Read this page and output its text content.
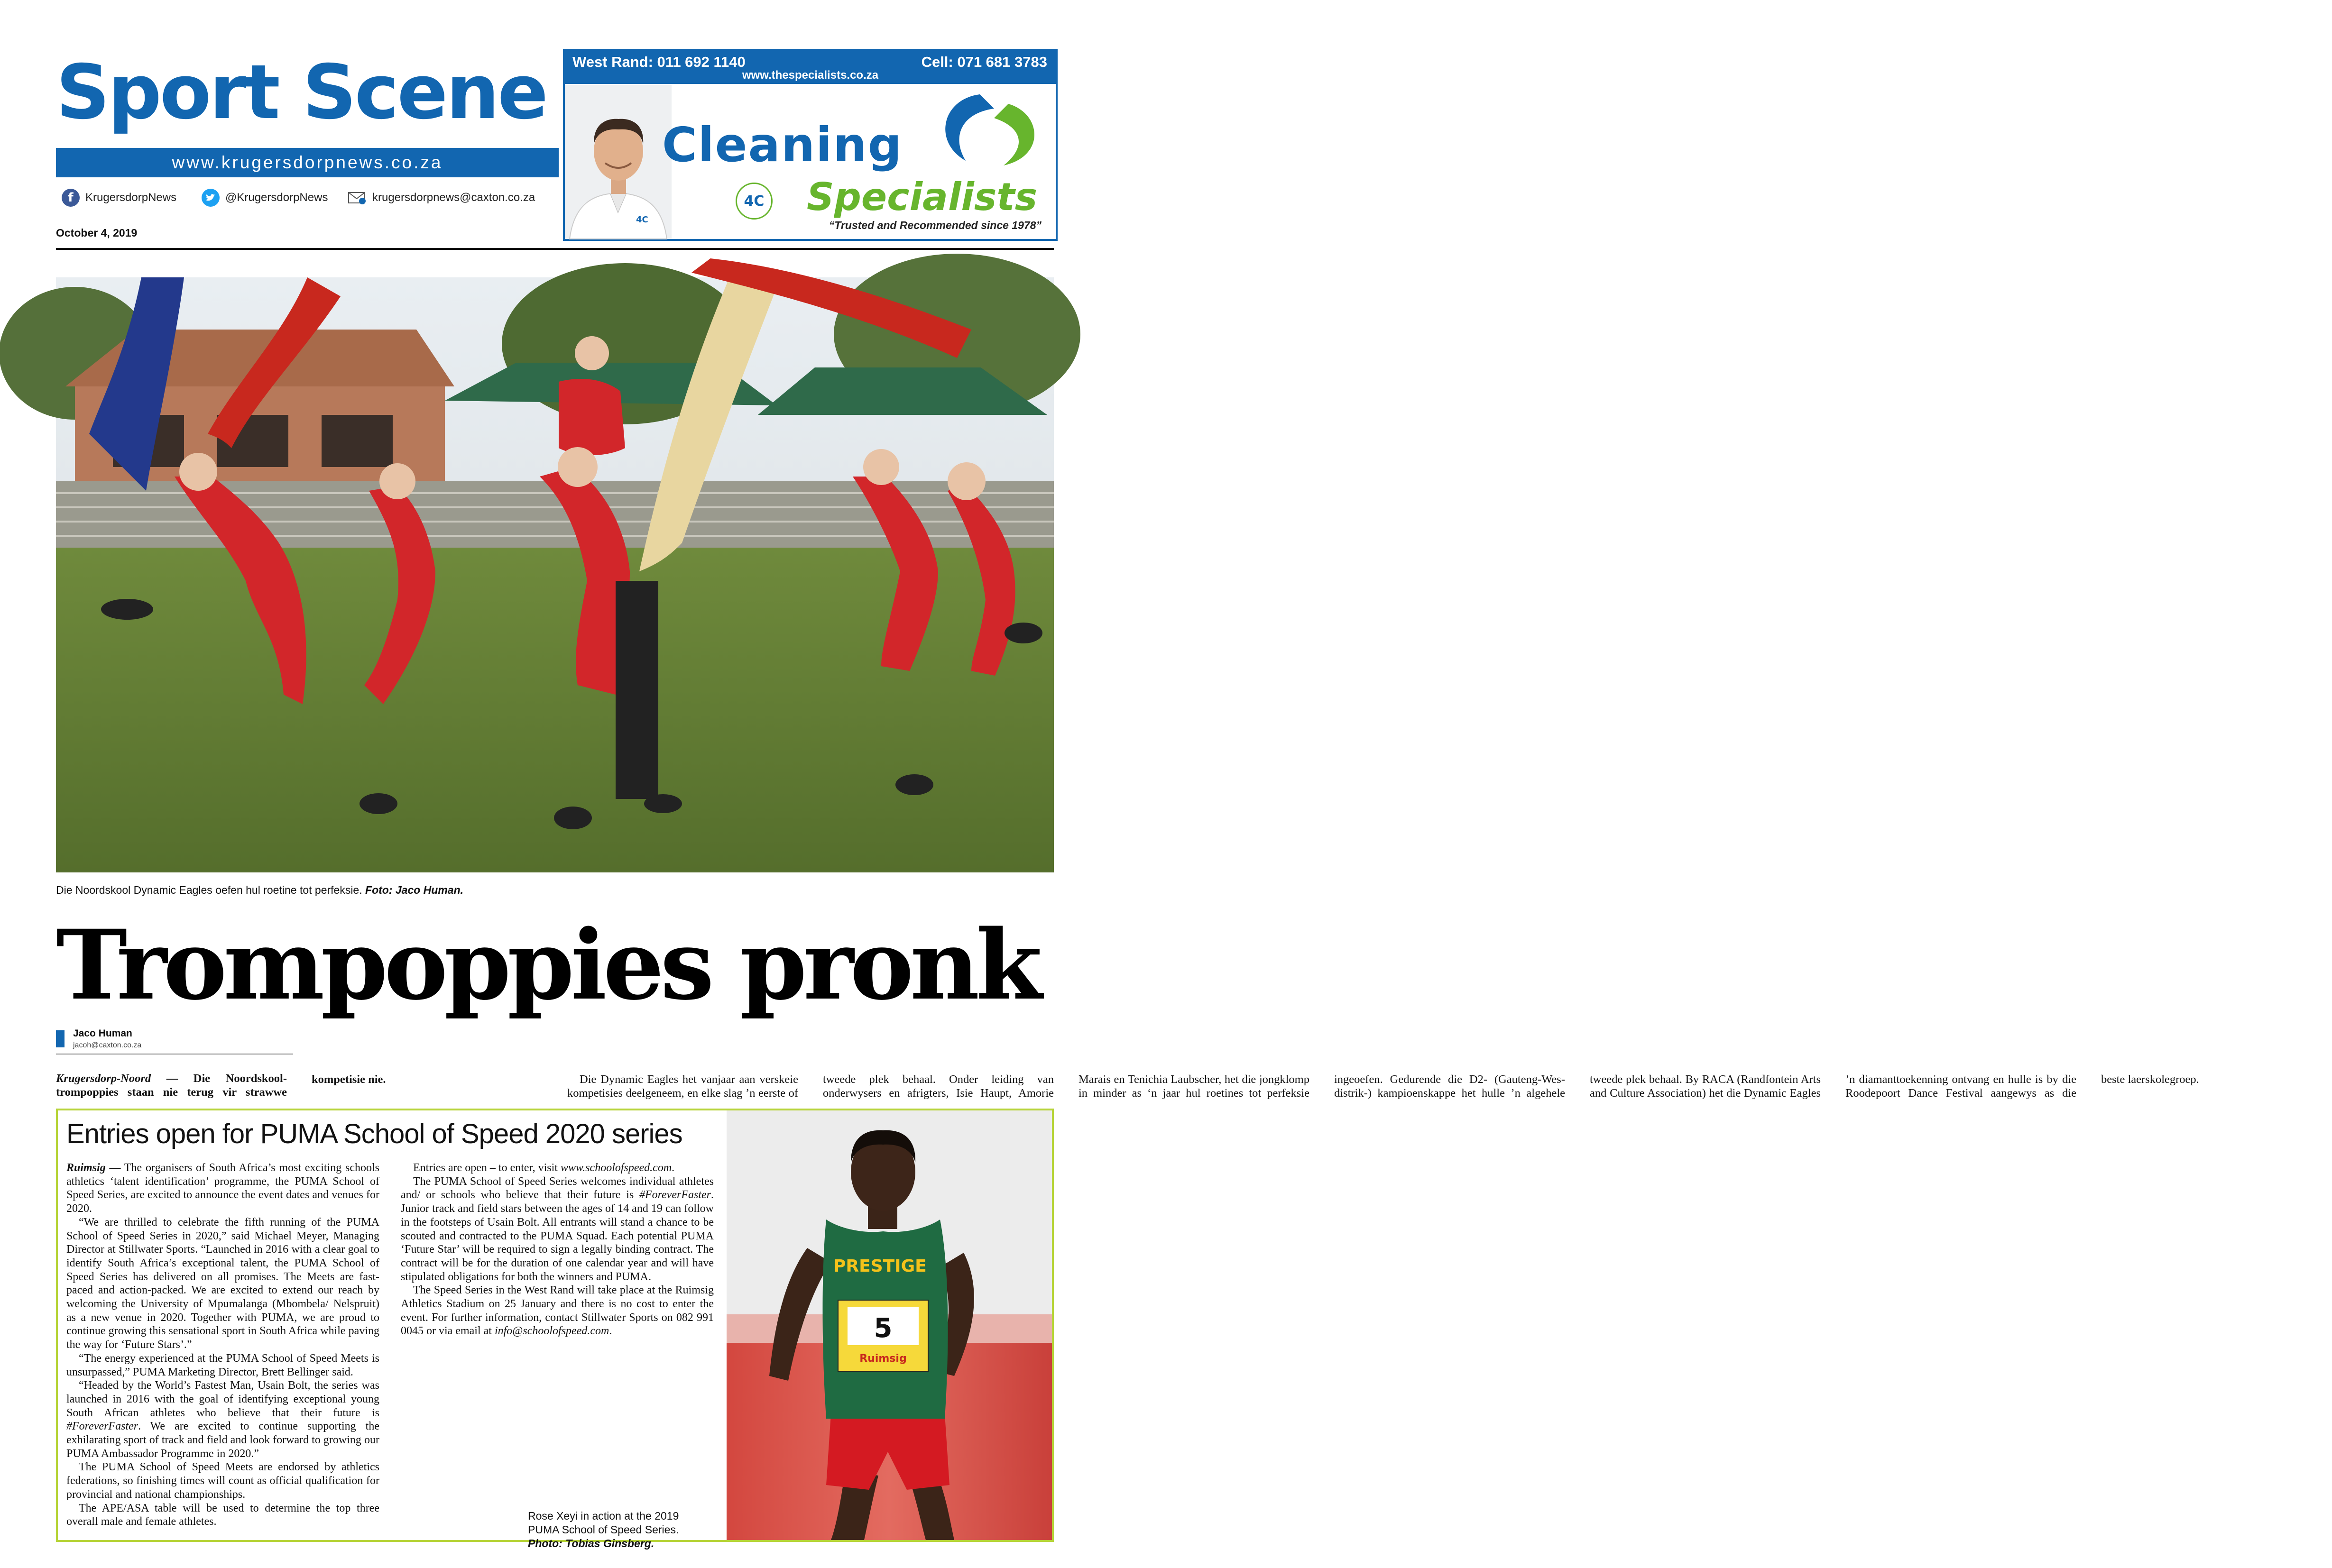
Sport Scene
www.krugersdorpnews.co.za
f	KrugersdorpNews	@KrugersdorpNews	krugersdorpnews@caxton.co.za
October 4, 2019
West Rand: 011 692 1140	Cell: 071 681 3783
www.thespecialists.co.za
4C
Cleaning
Specialists
4C
“Trusted and Recommended since 1978”
Die Noordskool Dynamic Eagles oefen hul roetine tot perfeksie. Foto: Jaco Human.
Trompoppies pronk
Jaco Human
jacoh@caxton.co.za

Krugersdorp-Noord — Die Noordskool-trompoppies staan nie terug vir strawwe kompetisie nie.	Die Dynamic Eagles het vanjaar aan verskeie kompetisies deelgeneem, en elke slag ’n eerste of tweede plek behaal. Onder leiding van onderwysers en afrigters, Isie Haupt, Amorie Marais en Tenichia Laubscher, het die jongklomp in minder as ‘n jaar hul roetines tot perfeksie ingeoefen. Gedurende die D2- (Gauteng-Wes-distrik-) kampioenskappe het hulle ’n algehele tweede plek behaal. By RACA (Randfontein Arts and Culture Association) het die Dynamic Eagles ’n diamanttoekenning ontvang en hulle is by die Roodepoort Dance Festival aangewys as die beste laerskolegroep.

Entries open for PUMA School of Speed 2020 series

Ruimsig — The organisers of South Africa’s most exciting schools athletics ‘talent identification’ programme, the PUMA School of Speed Series, are excited to announce the event dates and venues for 2020.

“We are thrilled to celebrate the fifth running of the PUMA School of Speed Series in 2020,” said Michael Meyer, Managing Director at Stillwater Sports. “Launched in 2016 with a clear goal to identify South Africa’s exceptional talent, the PUMA School of Speed Series has delivered on all promises. The Meets are fast-paced and action-packed. We are excited to extend our reach by welcoming the University of Mpumalanga (Mbombela/ Nelspruit) as a new venue in 2020. Together with PUMA, we are proud to continue growing this sensational sport in South Africa while paving the way for ‘Future Stars’.”

“The energy experienced at the PUMA School of Speed Meets is unsurpassed,” PUMA Marketing Director, Brett Bellinger said.

“Headed by the World’s Fastest Man, Usain Bolt, the series was launched in 2016 with the goal of identifying exceptional young South African athletes who believe that their future is #ForeverFaster. We are excited to continue supporting the exhilarating sport of track and field and look forward to growing our PUMA Ambassador Programme in 2020.”

The PUMA School of Speed Meets are endorsed by athletics federations, so finishing times will count as official qualification for provincial and national championships.

The APE/ASA table will be used to determine the top three overall male and female athletes.

Entries are open – to enter, visit www.schoolofspeed.com.

The PUMA School of Speed Series welcomes individual athletes and/ or schools who believe that their future is #ForeverFaster. Junior track and field stars between the ages of 14 and 19 can follow in the footsteps of Usain Bolt. All entrants will stand a chance to be scouted and contracted to the PUMA Squad. Each potential PUMA ‘Future Star’ will be required to sign a legally binding contract. The contract will be for the duration of one calendar year and will have stipulated obligations for both the winners and PUMA.

The Speed Series in the West Rand will take place at the Ruimsig Athletics Stadium on 25 January and there is no cost to enter the event. For further information, contact Stillwater Sports on 082 991 0045 or via email at info@schoolofspeed.com.

PRESTIGE
5
Ruimsig
Rose Xeyi in action at the 2019
PUMA School of Speed Series.
Photo: Tobias Ginsberg.
